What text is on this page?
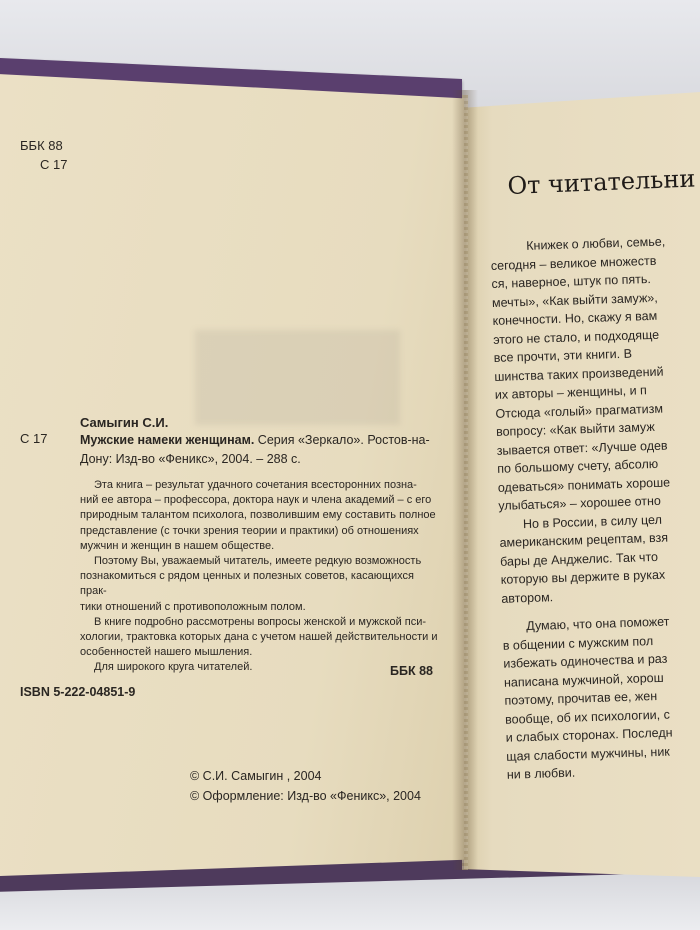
ББК 88
С 17
Самыгин С.И.
С 17	Мужские намеки женщинам. Серия «Зеркало». Ростов-на-Дону: Изд-во «Феникс», 2004. – 288 с.

Эта книга – результат удачного сочетания всесторонних позна-

ний ее автора – профессора, доктора наук и члена академий – с его

природным талантом психолога, позволившим ему составить полное

представление (с точки зрения теории и практики) об отношениях

мужчин и женщин в нашем обществе.

Поэтому Вы, уважаемый читатель, имеете редкую возможность

познакомиться с рядом ценных и полезных советов, касающихся прак-

тики отношений с противоположным полом.

В книге подробно рассмотрены вопросы женской и мужской пси-

хологии, трактовка которых дана с учетом нашей действительности и

особенностей нашего мышления.

Для широкого круга читателей.	ББК 88
ISBN 5-222-04851-9
© С.И. Самыгин , 2004
© Оформление: Изд-во «Феникс», 2004
От читательни
Книжек о любви, семье,
сегодня – великое множеств
ся, наверное, штук по пять.
мечты», «Как выйти замуж»,
конечности. Но, скажу я вам
этого не стало, и подходяще
все прочти, эти книги. В
шинства таких произведений
их авторы – женщины, и п
Отсюда «голый» прагматизм
вопросу: «Как выйти замуж
зывается ответ: «Лучше одев
по большому счету, абсолю
одеваться» понимать хороше
улыбаться» – хорошее отно
Но в России, в силу цел
американским рецептам, взя
бары де Анджелис. Так что
которую вы держите в руках
автором.
Думаю, что она поможет
в общении с мужским пол
избежать одиночества и раз
написана мужчиной, хорош
поэтому, прочитав ее, жен
вообще, об их психологии, с
и слабых сторонах. Последн
щая слабости мужчины, ник
ни в любви.
